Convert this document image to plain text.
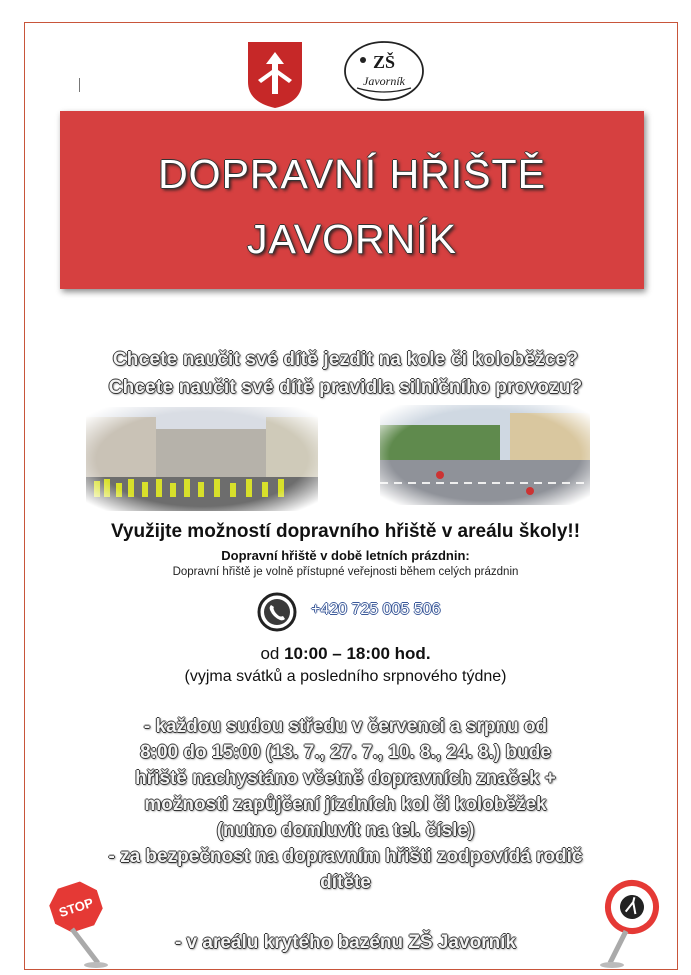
ZŠ
Javorník
DOPRAVNÍ HŘIŠTĚ
JAVORNÍK
Chcete naučit své dítě jezdit na kole či koloběžce?
Chcete naučit své dítě pravidla silničního provozu?
Využijte možností dopravního hřiště v areálu školy!!
Dopravní hřiště v době letních prázdnin:
Dopravní hřiště je volně přístupné veřejnosti během celých prázdnin
+420 725 005 506
od 10:00 – 18:00 hod.
(vyjma svátků a posledního srpnového týdne)
- každou sudou středu v červenci a srpnu od
8:00 do 15:00 (13. 7., 27. 7., 10. 8., 24. 8.) bude
hřiště nachystáno včetně dopravních značek +
možnosti zapůjčení jízdních kol či koloběžek
(nutno domluvit na tel. čísle)
- za bezpečnost na dopravním hřišti zodpovídá rodič
dítěte
- v areálu krytého bazénu ZŠ Javorník
STOP
